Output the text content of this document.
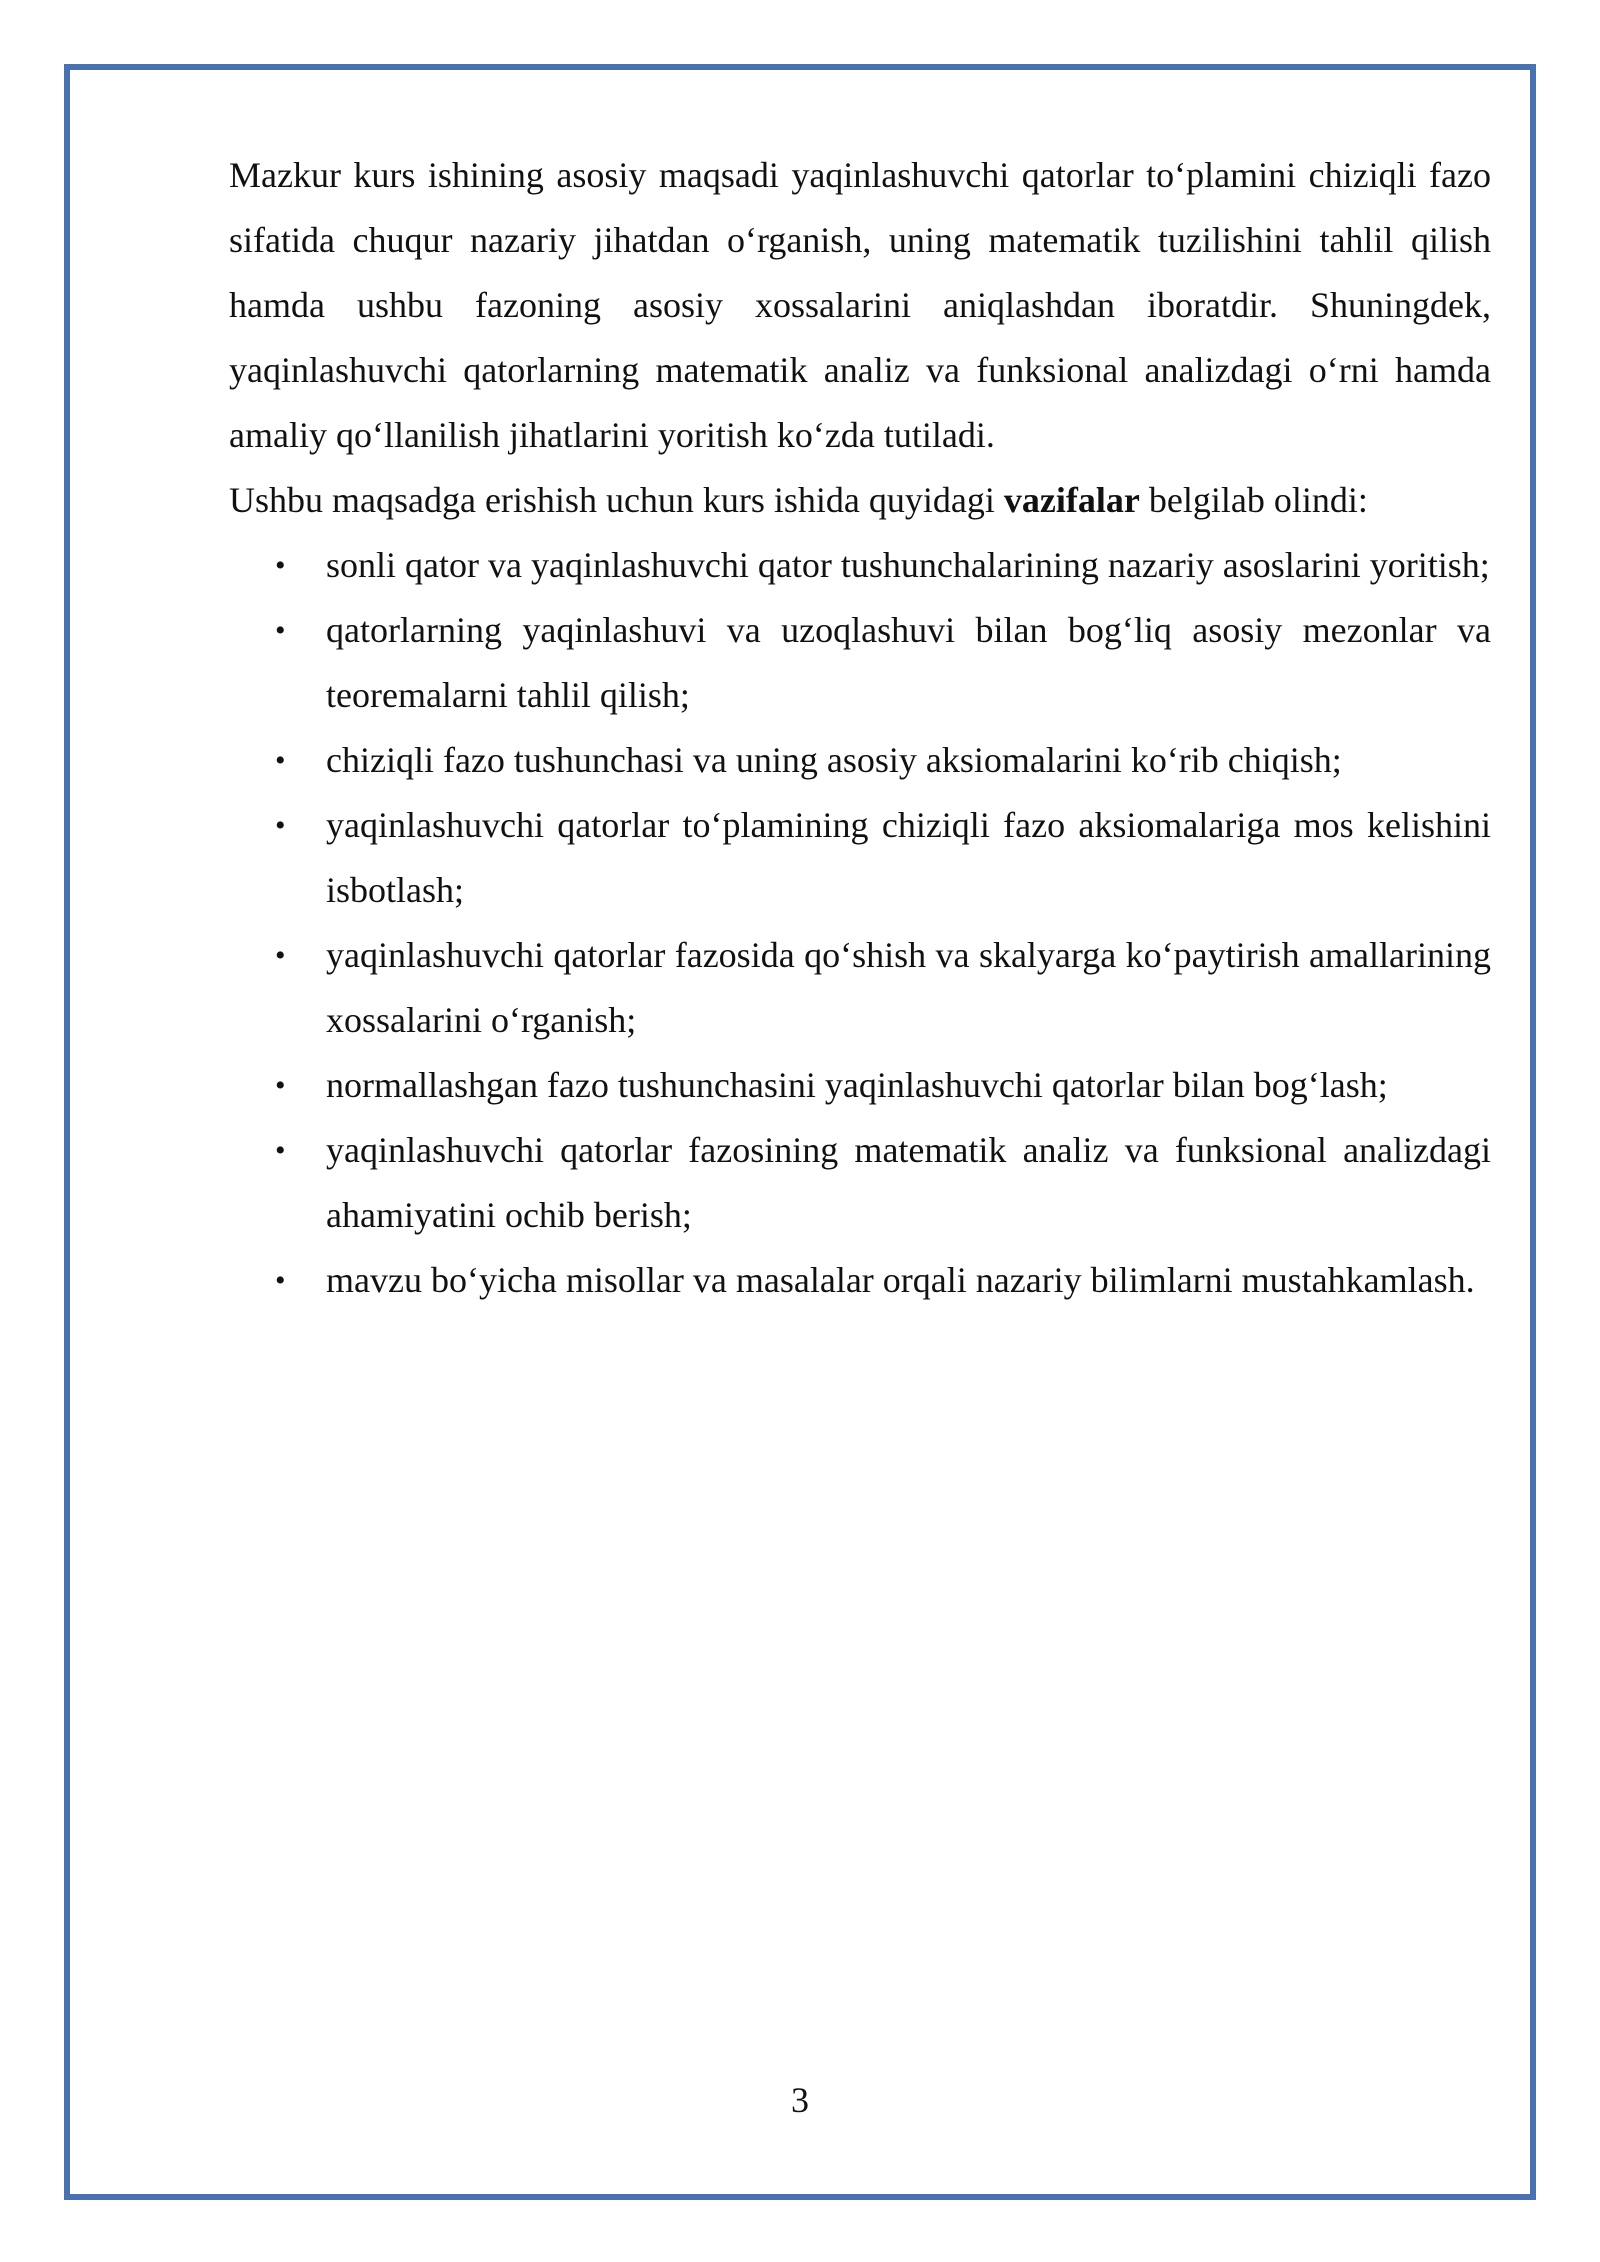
Mazkur kurs ishining asosiy maqsadi yaqinlashuvchi qatorlar to‘plamini chiziqli fazo sifatida chuqur nazariy jihatdan o‘rganish, uning matematik tuzilishini tahlil qilish hamda ushbu fazoning asosiy xossalarini aniqlashdan iboratdir. Shuningdek, yaqinlashuvchi qatorlarning matematik analiz va funksional analizdagi o‘rni hamda amaliy qo‘llanilish jihatlarini yoritish ko‘zda tutiladi.

Ushbu maqsadga erishish uchun kurs ishida quyidagi vazifalar belgilab olindi:

• sonli qator va yaqinlashuvchi qator tushunchalarining nazariy asoslarini yoritish;
• qatorlarning yaqinlashuvi va uzoqlashuvi bilan bog‘liq asosiy mezonlar va teoremalarni tahlil qilish;
• chiziqli fazo tushunchasi va uning asosiy aksiomalarini ko‘rib chiqish;
• yaqinlashuvchi qatorlar to‘plamining chiziqli fazo aksiomalariga mos kelishini isbotlash;
• yaqinlashuvchi qatorlar fazosida qo‘shish va skalyarga ko‘paytirish amallarining xossalarini o‘rganish;
• normallashgan fazo tushunchasini yaqinlashuvchi qatorlar bilan bog‘lash;
• yaqinlashuvchi qatorlar fazosining matematik analiz va funksional analizdagi ahamiyatini ochib berish;
• mavzu bo‘yicha misollar va masalalar orqali nazariy bilimlarni mustahkamlash.
3
